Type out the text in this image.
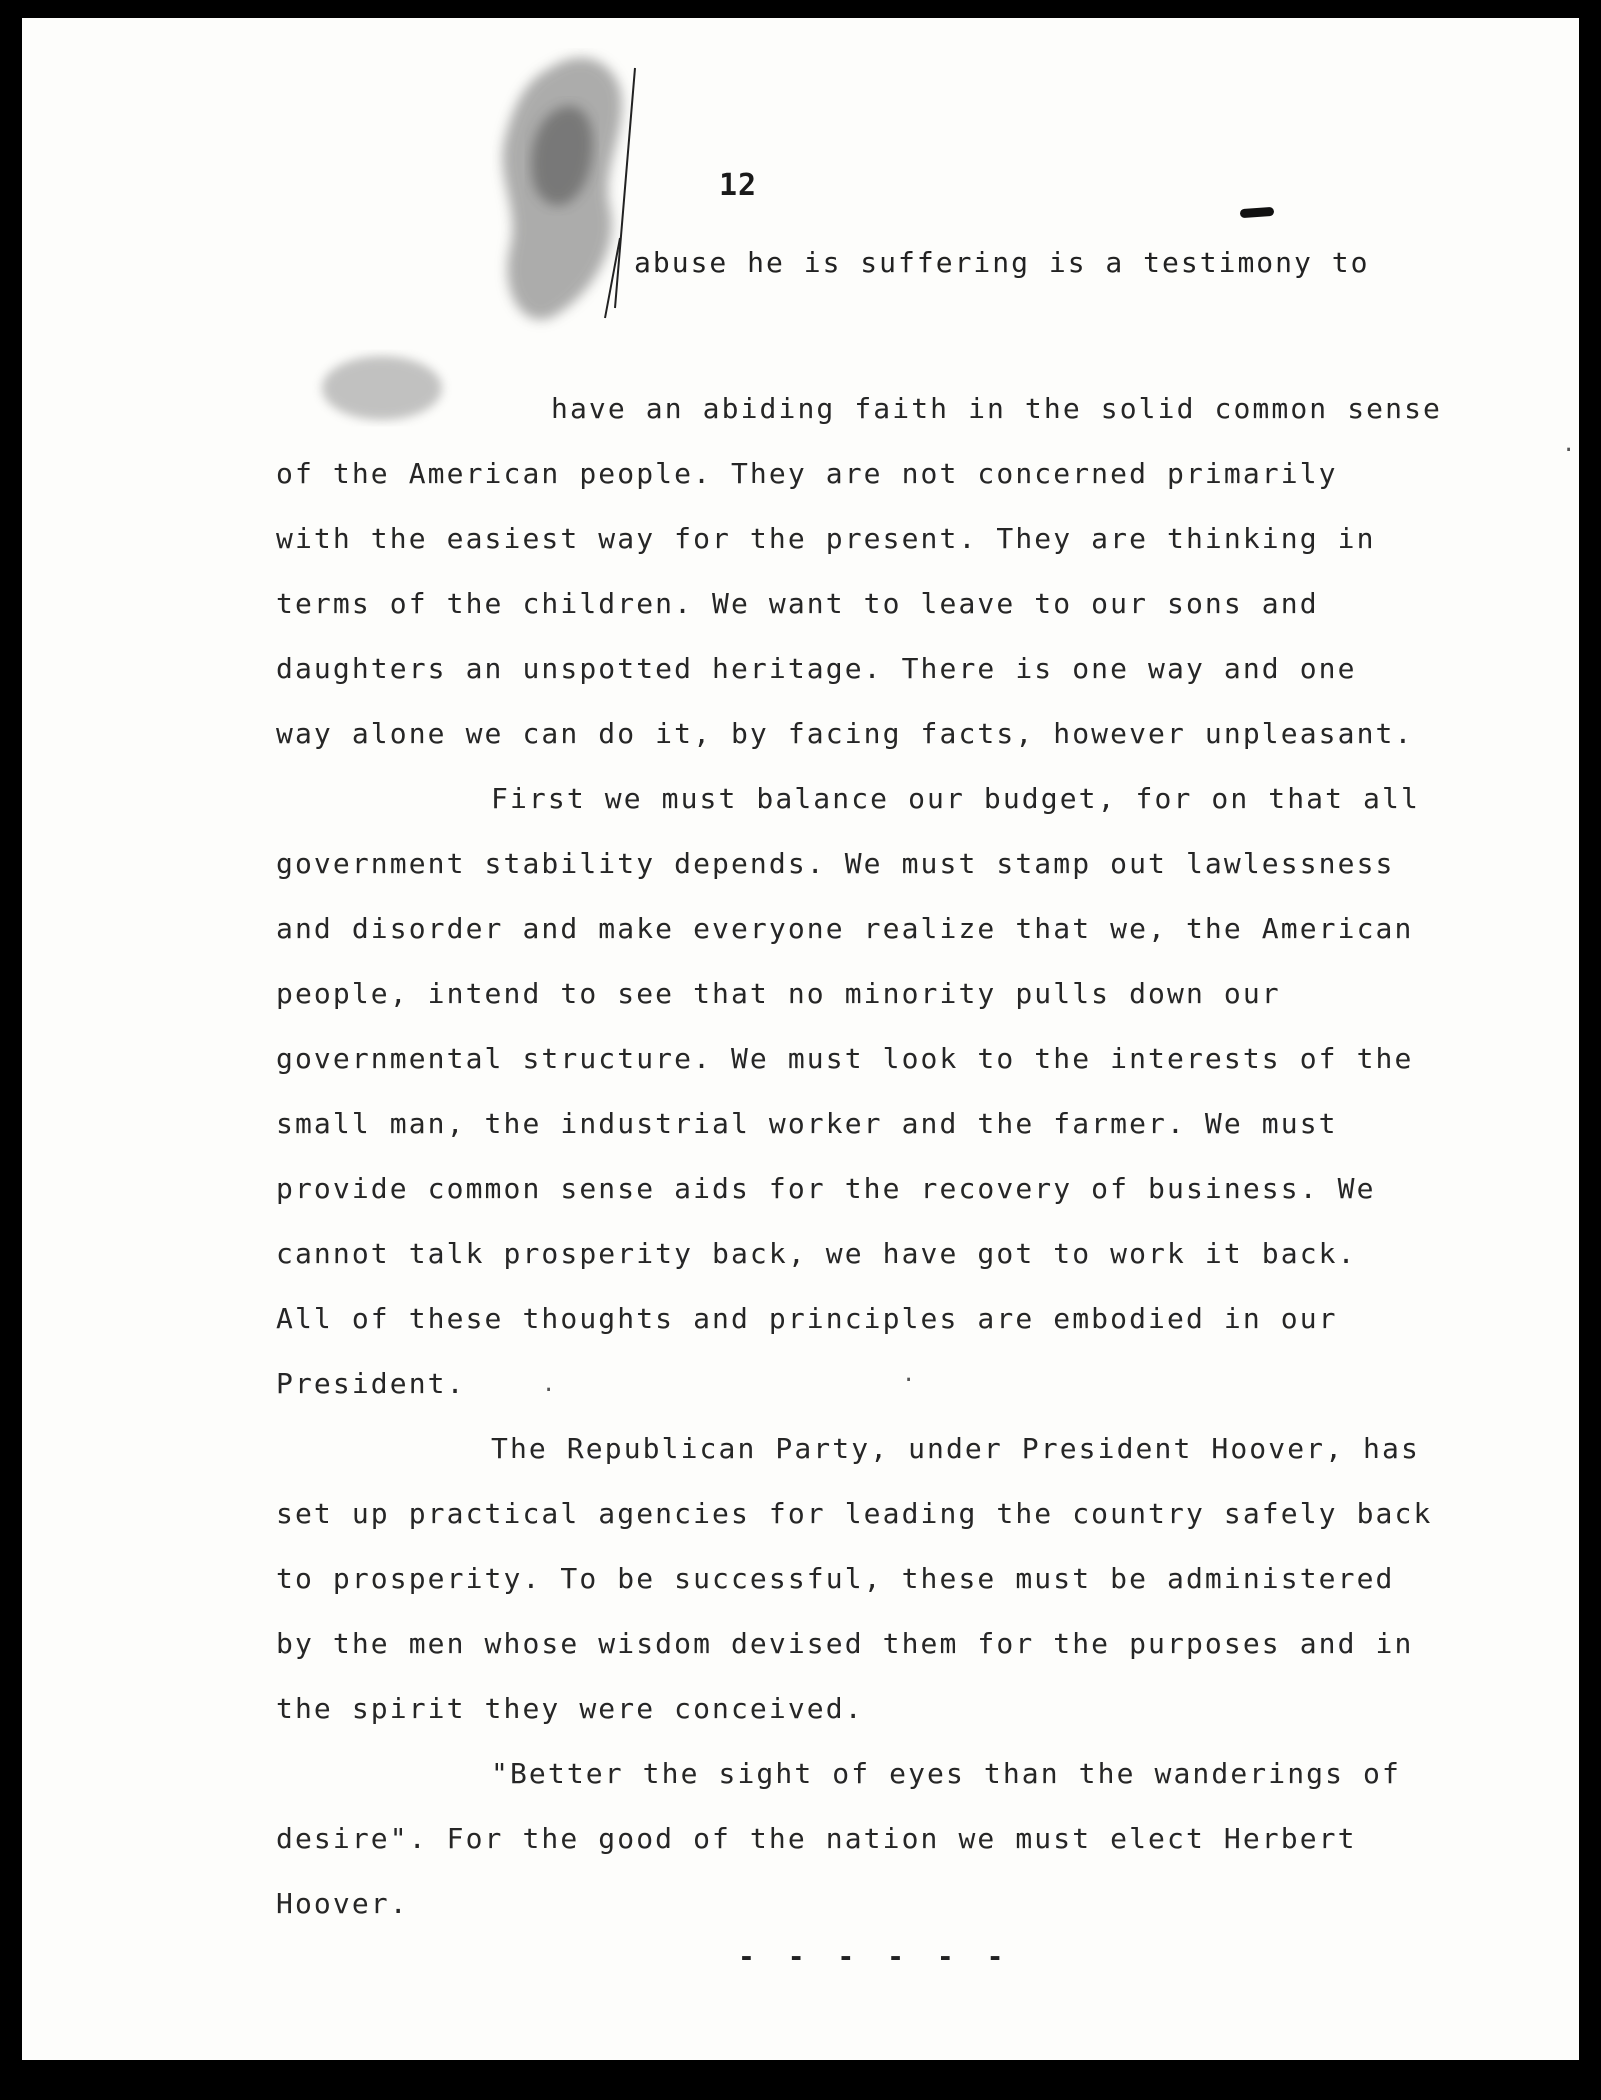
12
abuse he is suffering is a testimony to
have an abiding faith in the solid common sense
of the American people. They are not concerned primarily
with the easiest way for the present. They are thinking in
terms of the children. We want to leave to our sons and
daughters an unspotted heritage. There is one way and one
way alone we can do it, by facing facts, however unpleasant.
First we must balance our budget, for on that all
government stability depends. We must stamp out lawlessness
and disorder and make everyone realize that we, the American
people, intend to see that no minority pulls down our
governmental structure. We must look to the interests of the
small man, the industrial worker and the farmer. We must
provide common sense aids for the recovery of business. We
cannot talk prosperity back, we have got to work it back.
All of these thoughts and principles are embodied in our
President.
The Republican Party, under President Hoover, has
set up practical agencies for leading the country safely back
to prosperity. To be successful, these must be administered
by the men whose wisdom devised them for the purposes and in
the spirit they were conceived.
"Better the sight of eyes than the wanderings of
desire". For the good of the nation we must elect Herbert
Hoover.
- - - - - -
·
·	·
